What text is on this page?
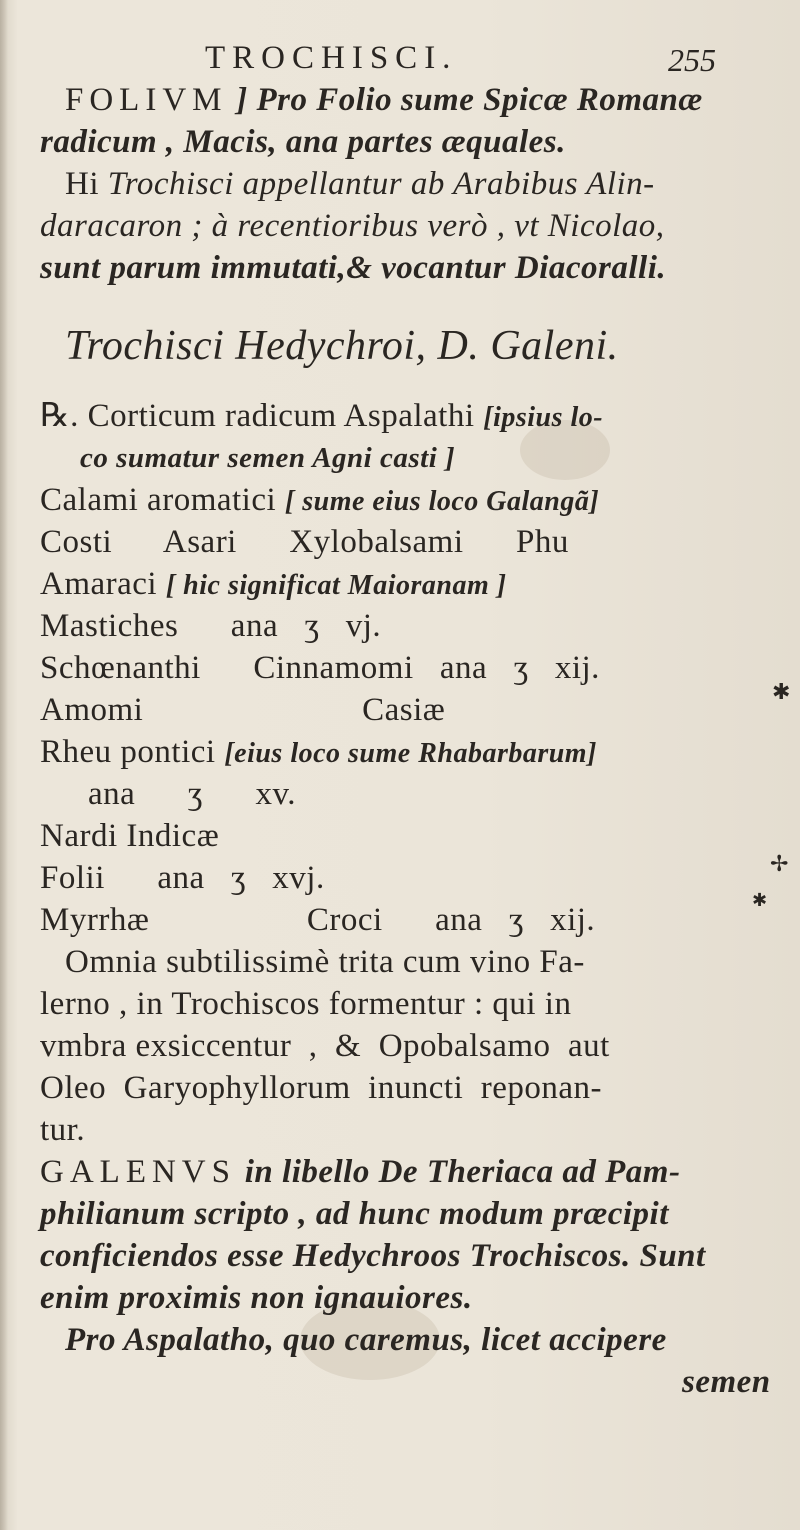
TROCHISCI.	255
FOLIVM ] Pro Folio sume Spicæ Romanæ
radicum , Macis, ana partes æquales.
Hi Trochisci appellantur ab Arabibus Alin-
daracaron ; à recentioribus verò , vt Nicolao,
sunt parum immutati,& vocantur Diacoralli.
Trochisci Hedychroi, D. Galeni.
℞. Corticum radicum Aspalathi [ipsius lo-
co sumatur semen Agni casti ]
Calami aromatici [ sume eius loco Galangã]
Costi      Asari      Xylobalsami      Phu
Amaraci [ hic significat Maioranam ]
Mastiches      ana   ʒ   vj.
Schœnanthi      Cinnamomi   ana   ʒ   xij.
Amomi                         Casiæ
Rheu pontici [eius loco sume Rhabarbarum]
ana      ʒ      xv.
Nardi Indicæ
Folii      ana   ʒ   xvj.
Myrrhæ                  Croci      ana   ʒ   xij.
Omnia subtilissimè trita cum vino Fa-
lerno , in Trochiscos formentur : qui in
vmbra exsiccentur  ,  &  Opobalsamo  aut
Oleo  Garyophyllorum  inuncti  reponan-
tur.
GALENVS in libello De Theriaca ad Pam-
philianum scripto , ad hunc modum præcipit
conficiendos esse Hedychroos Trochiscos. Sunt
enim proximis non ignauiores.
Pro Aspalatho, quo caremus, licet accipere
semen
✱
✢
✱
